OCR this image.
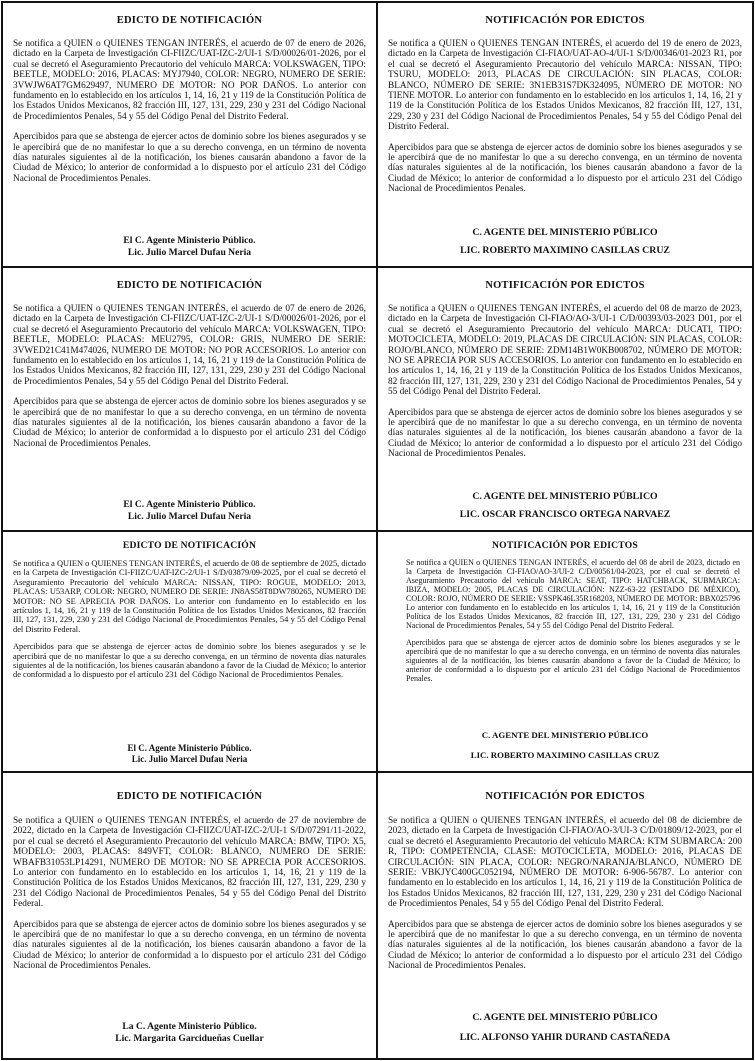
EDICTO DE NOTIFICACIÓN
Se notifica a QUIEN o QUIENES TENGAN INTERÉS, el acuerdo de 07 de enero de 2026, dictado en la Carpeta de Investigación CI-FIIZC/UAT-IZC-2/UI-1 S/D/00026/01-2026, por el cual se decretó el Aseguramiento Precautorio del vehículo MARCA: VOLKSWAGEN, TIPO: BEETLE, MODELO: 2016, PLACAS: MYJ7940, COLOR: NEGRO, NUMERO DE SERIE: 3VWJW6AT7GM629497, NUMERO DE MOTOR: NO POR DAÑOS. Lo anterior con fundamento en lo establecido en los artículos 1, 14, 16, 21 y 119 de la Constitución Política de los Estados Unidos Mexicanos, 82 fracción III, 127, 131, 229, 230 y 231 del Código Nacional de Procedimientos Penales, 54 y 55 del Código Penal del Distrito Federal.
Apercibidos para que se abstenga de ejercer actos de dominio sobre los bienes asegurados y se le apercibirá que de no manifestar lo que a su derecho convenga, en un término de noventa días naturales siguientes al de la notificación, los bienes causarán abandono a favor de la Ciudad de México; lo anterior de conformidad a lo dispuesto por el artículo 231 del Código Nacional de Procedimientos Penales.
El C. Agente Ministerio Público.
Lic. Julio Marcel Dufau Neria
NOTIFICACIÓN POR EDICTOS
Se notifica a QUIEN o QUIENES TENGAN INTERÉS, el acuerdo del 19 de enero de 2023, dictado en la Carpeta de Investigación CI-FIAO/UAT-AO-4/UI-1 S/D/00346/01-2023 R1, por el cual se decretó el Aseguramiento Precautorio del vehículo MARCA: NISSAN, TIPO: TSURU, MODELO: 2013, PLACAS DE CIRCULACIÓN: SIN PLACAS, COLOR: BLANCO, NÚMERO DE SERIE: 3N1EB31S7DK324095, NÚMERO DE MOTOR: NO TIENE MOTOR. Lo anterior con fundamento en lo establecido en los artículos 1, 14, 16, 21 y 119 de la Constitución Política de los Estados Unidos Mexicanos, 82 fracción III, 127, 131, 229, 230 y 231 del Código Nacional de Procedimientos Penales, 54 y 55 del Código Penal del Distrito Federal.
Apercibidos para que se abstenga de ejercer actos de dominio sobre los bienes asegurados y se le apercibirá que de no manifestar lo que a su derecho convenga, en un término de noventa días naturales siguientes al de la notificación, los bienes causarán abandono a favor de la Ciudad de México; lo anterior de conformidad a lo dispuesto por el artículo 231 del Código Nacional de Procedimientos Penales.
C. AGENTE DEL MINISTERIO PÚBLICO
LIC. ROBERTO MAXIMINO CASILLAS CRUZ
EDICTO DE NOTIFICACIÓN
Se notifica a QUIEN o QUIENES TENGAN INTERÉS, el acuerdo de 07 de enero de 2026, dictado en la Carpeta de Investigación CI-FIIZC/UAT-IZC-2/UI-1 S/D/00026/01-2026, por el cual se decretó el Aseguramiento Precautorio del vehículo MARCA: VOLKSWAGEN, TIPO: BEETLE, MODELO: PLACAS: MEU2795, COLOR: GRIS, NUMERO DE SERIE: 3VWED21C41M474026, NUMERO DE MOTOR: NO POR ACCESORIOS. Lo anterior con fundamento en lo establecido en los artículos 1, 14, 16, 21 y 119 de la Constitución Política de los Estados Unidos Mexicanos, 82 fracción III, 127, 131, 229, 230 y 231 del Código Nacional de Procedimientos Penales, 54 y 55 del Código Penal del Distrito Federal.
Apercibidos para que se abstenga de ejercer actos de dominio sobre los bienes asegurados y se le apercibirá que de no manifestar lo que a su derecho convenga, en un término de noventa días naturales siguientes al de la notificación, los bienes causarán abandono a favor de la Ciudad de México; lo anterior de conformidad a lo dispuesto por el artículo 231 del Código Nacional de Procedimientos Penales.
El C. Agente Ministerio Público.
Lic. Julio Marcel Dufau Neria
NOTIFICACIÓN POR EDICTOS
Se notifica a QUIEN o QUIENES TENGAN INTERÉS, el acuerdo del 08 de marzo de 2023, dictado en la Carpeta de Investigación CI-FIAO/AO-3/UI-1 C/D/00393/03-2023 D01, por el cual se decretó el Aseguramiento Precautorio del vehículo MARCA: DUCATI, TIPO: MOTOCICLETA, MODELO: 2019, PLACAS DE CIRCULACIÓN: SIN PLACAS, COLOR: ROJO/BLANCO, NÚMERO DE SERIE: ZDM14B1W0KB008702, NÚMERO DE MOTOR: NO SE APRECIA POR SUS ACCESORIOS. Lo anterior con fundamento en lo establecido en los artículos 1, 14, 16, 21 y 119 de la Constitución Política de los Estados Unidos Mexicanos, 82 fracción III, 127, 131, 229, 230 y 231 del Código Nacional de Procedimientos Penales, 54 y 55 del Código Penal del Distrito Federal.
Apercibidos para que se abstenga de ejercer actos de dominio sobre los bienes asegurados y se le apercibirá que de no manifestar lo que a su derecho convenga, en un término de noventa días naturales siguientes al de la notificación, los bienes causarán abandono a favor de la Ciudad de México; lo anterior de conformidad a lo dispuesto por el artículo 231 del Código Nacional de Procedimientos Penales.
C. AGENTE DEL MINISTERIO PÚBLICO
LIC. OSCAR FRANCISCO ORTEGA NARVAEZ
EDICTO DE NOTIFICACIÓN
Se notifica a QUIEN o QUIENES TENGAN INTERÉS, el acuerdo de 08 de septiembre de 2025, dictado en la Carpeta de Investigación CI-FIIZC/UAT-IZC-2/UI-1 S/D/03879/09-2025, por el cual se decretó el Aseguramiento Precautorio del vehículo MARCA: NISSAN, TIPO: ROGUE, MODELO: 2013, PLACAS: U53ARP, COLOR: NEGRO, NUMERO DE SERIE: JN8AS58T8DW780265, NUMERO DE MOTOR: NO SE APRECIA POR DAÑOS. Lo anterior con fundamento en lo establecido en los artículos 1, 14, 16, 21 y 119 de la Constitución Política de los Estados Unidos Mexicanos, 82 fracción III, 127, 131, 229, 230 y 231 del Código Nacional de Procedimientos Penales, 54 y 55 del Código Penal del Distrito Federal.
Apercibidos para que se abstenga de ejercer actos de dominio sobre los bienes asegurados y se le apercibirá que de no manifestar lo que a su derecho convenga, en un término de noventa días naturales siguientes al de la notificación, los bienes causarán abandono a favor de la Ciudad de México; lo anterior de conformidad a lo dispuesto por el artículo 231 del Código Nacional de Procedimientos Penales.
El C. Agente Ministerio Público.
Lic. Julio Marcel Dufau Neria
NOTIFICACIÓN POR EDICTOS
Se notifica a QUIEN o QUIENES TENGAN INTERÉS, el acuerdo del 08 de abril de 2023, dictado en la Carpeta de Investigación CI-FIAO/AO-3/UI-2 C/D/00561/04-2023, por el cual se decretó el Aseguramiento Precautorio del vehículo MARCA: SEAT, TIPO: HATCHBACK, SUBMARCA: IBIZA, MODELO: 2005, PLACAS DE CIRCULACIÓN: NZZ-63-22 (ESTADO DE MÉXICO), COLOR: ROJO, NÚMERO DE SERIE: VSSPK46L35R168203, NÚMERO DE MOTOR: BBX025796 Lo anterior con fundamento en lo establecido en los artículos 1, 14, 16, 21 y 119 de la Constitución Política de los Estados Unidos Mexicanos, 82 fracción III, 127, 131, 229, 230 y 231 del Código Nacional de Procedimientos Penales, 54 y 55 del Código Penal del Distrito Federal.
Apercibidos para que se abstenga de ejercer actos de dominio sobre los bienes asegurados y se le apercibirá que de no manifestar lo que a su derecho convenga, en un término de noventa días naturales siguientes al de la notificación, los bienes causarán abandono a favor de la Ciudad de México; lo anterior de conformidad a lo dispuesto por el artículo 231 del Código Nacional de Procedimientos Penales.
C. AGENTE DEL MINISTERIO PÚBLICO
LIC. ROBERTO MAXIMINO CASILLAS CRUZ
EDICTO DE NOTIFICACIÓN
Se notifica a QUIEN o QUIENES TENGAN INTERÉS, el acuerdo de 27 de noviembre de 2022, dictado en la Carpeta de Investigación CI-FIIZC/UAT-IZC-2/UI-1 S/D/07291/11-2022, por el cual se decretó el Aseguramiento Precautorio del vehículo MARCA: BMW, TIPO: X5, MODELO: 2003, PLACAS: 849VFT, COLOR: BLANCO, NUMERO DE SERIE: WBAFB31053LP14291, NUMERO DE MOTOR: NO SE APRECIA POR ACCESORIOS. Lo anterior con fundamento en lo establecido en los artículos 1, 14, 16, 21 y 119 de la Constitución Política de los Estados Unidos Mexicanos, 82 fracción III, 127, 131, 229, 230 y 231 del Código Nacional de Procedimientos Penales, 54 y 55 del Código Penal del Distrito Federal.
Apercibidos para que se abstenga de ejercer actos de dominio sobre los bienes asegurados y se le apercibirá que de no manifestar lo que a su derecho convenga, en un término de noventa días naturales siguientes al de la notificación, los bienes causarán abandono a favor de la Ciudad de México; lo anterior de conformidad a lo dispuesto por el artículo 231 del Código Nacional de Procedimientos Penales.
La C. Agente Ministerio Público.
Lic. Margarita Garcidueñas Cuellar
NOTIFICACIÓN POR EDICTOS
Se notifica a QUIEN o QUIENES TENGAN INTERÉS, el acuerdo del 08 de diciembre de 2023, dictado en la Carpeta de Investigación CI-FIAO/AO-3/UI-3 C/D/01809/12-2023, por el cual se decretó el Aseguramiento Precautorio del vehículo MARCA: KTM SUBMARCA: 200 R, TIPO: COMPETENCIA, CLASE: MOTOCICLETA, MODELO: 2016, PLACAS DE CIRCULACIÓN: SIN PLACA, COLOR: NEGRO/NARANJA/BLANCO, NÚMERO DE SERIE: VBKJYC400GC052194, NÚMERO DE MOTOR: 6-906-56787. Lo anterior con fundamento en lo establecido en los artículos 1, 14, 16, 21 y 119 de la Constitución Política de los Estados Unidos Mexicanos, 82 fracción III, 127, 131, 229, 230 y 231 del Código Nacional de Procedimientos Penales, 54 y 55 del Código Penal del Distrito Federal.
Apercibidos para que se abstenga de ejercer actos de dominio sobre los bienes asegurados y se le apercibirá que de no manifestar lo que a su derecho convenga, en un término de noventa días naturales siguientes al de la notificación, los bienes causarán abandono a favor de la Ciudad de México; lo anterior de conformidad a lo dispuesto por el artículo 231 del Código Nacional de Procedimientos Penales.
C. AGENTE DEL MINISTERIO PÚBLICO
LIC. ALFONSO YAHIR DURAND CASTAÑEDA
